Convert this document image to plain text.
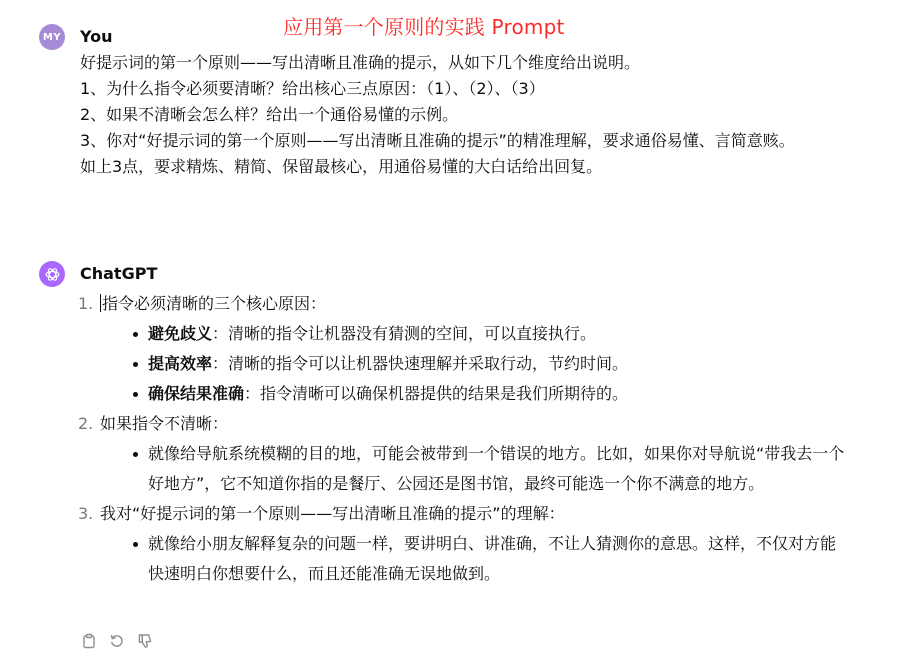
应用第一个原则的实践 Prompt
MY You

好提示词的第一个原则——写出清晰且准确的提示，从如下几个维度给出说明。

1、为什么指令必须要清晰？给出核心三点原因：（1）、（2）、（3）

2、如果不清晰会怎么样？给出一个通俗易懂的示例。

3、你对“好提示词的第一个原则——写出清晰且准确的提示”的精准理解，要求通俗易懂、言简意赅。

如上3点，要求精炼、精简、保留最核心，用通俗易懂的大白话给出回复。

ChatGPT
1. 指令必须清晰的三个核心原因：
避免歧义：清晰的指令让机器没有猜测的空间，可以直接执行。
提高效率：清晰的指令可以让机器快速理解并采取行动，节约时间。
确保结果准确：指令清晰可以确保机器提供的结果是我们所期待的。
2. 如果指令不清晰：
就像给导航系统模糊的目的地，可能会被带到一个错误的地方。比如，如果你对导航说“带我去一个好地方”，它不知道你指的是餐厅、公园还是图书馆，最终可能选一个你不满意的地方。
3. 我对“好提示词的第一个原则——写出清晰且准确的提示”的理解：
就像给小朋友解释复杂的问题一样，要讲明白、讲准确，不让人猜测你的意思。这样，不仅对方能快速明白你想要什么，而且还能准确无误地做到。
